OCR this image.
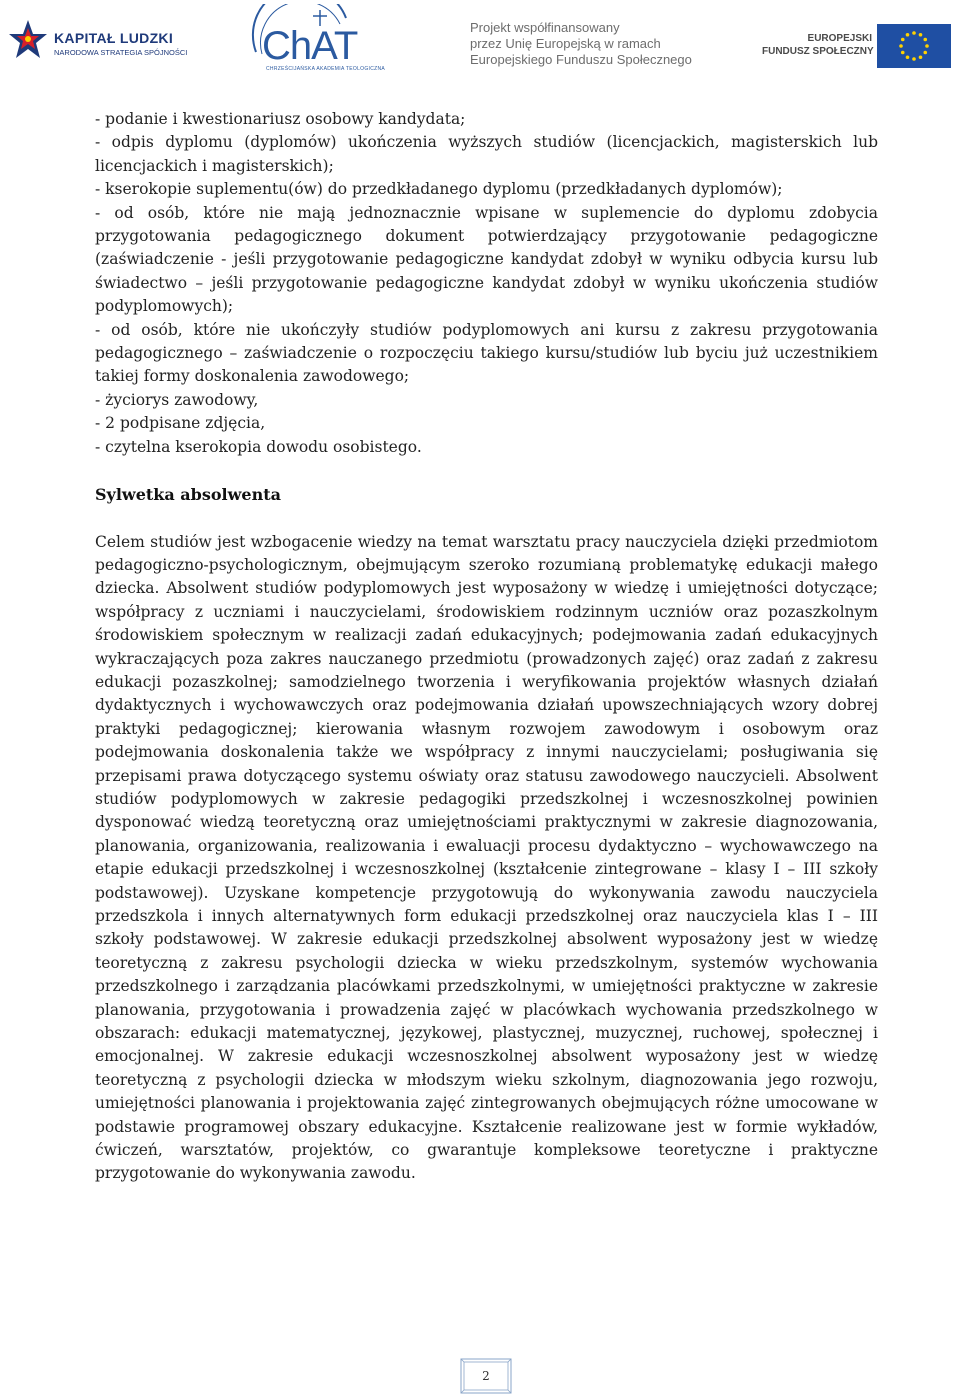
KAPITAŁ LUDZKI
NARODOWA STRATEGIA SPÓJNOŚCI ChAT
CHRZEŚCIJAŃSKA AKADEMIA TEOLOGICZNA
Projekt współfinansowany
przez Unię Europejską w ramach
Europejskiego Funduszu Społecznego
EUROPEJSKI
FUNDUSZ SPOŁECZNY

- podanie i kwestionariusz osobowy kandydata;

- odpis dyplomu (dyplomów) ukończenia wyższych studiów (licencjackich, magisterskich lub licencjackich i magisterskich);

- kserokopie suplementu(ów) do przedkładanego dyplomu (przedkładanych dyplomów);

- od osób, które nie mają jednoznacznie wpisane w suplemencie do dyplomu zdobycia przygotowania pedagogicznego dokument potwierdzający przygotowanie pedagogiczne (zaświadczenie - jeśli przygotowanie pedagogiczne kandydat zdobył w wyniku odbycia kursu lub świadectwo – jeśli przygotowanie pedagogiczne kandydat zdobył w wyniku ukończenia studiów podyplomowych);

- od osób, które nie ukończyły studiów podyplomowych ani kursu z zakresu przygotowania pedagogicznego – zaświadczenie o rozpoczęciu takiego kursu/studiów lub byciu już uczestnikiem takiej formy doskonalenia zawodowego;

- życiorys zawodowy,

- 2 podpisane zdjęcia,

- czytelna kserokopia dowodu osobistego.

Sylwetka absolwenta

Celem studiów jest wzbogacenie wiedzy na temat warsztatu pracy nauczyciela dzięki przedmiotom pedagogiczno-psychologicznym, obejmującym szeroko rozumianą problematykę edukacji małego dziecka. Absolwent studiów podyplomowych jest wyposażony w wiedzę i umiejętności dotyczące; współpracy z uczniami i nauczycielami, środowiskiem rodzinnym uczniów oraz pozaszkolnym środowiskiem społecznym w realizacji zadań edukacyjnych; podejmowania zadań edukacyjnych wykraczających poza zakres nauczanego przedmiotu (prowadzonych zajęć) oraz zadań z zakresu edukacji pozaszkolnej; samodzielnego tworzenia i weryfikowania projektów własnych działań dydaktycznych i wychowawczych oraz podejmowania działań upowszechniających wzory dobrej praktyki pedagogicznej; kierowania własnym rozwojem zawodowym i osobowym oraz podejmowania doskonalenia także we współpracy z innymi nauczycielami; posługiwania się przepisami prawa dotyczącego systemu oświaty oraz statusu zawodowego nauczycieli. Absolwent studiów podyplomowych w zakresie pedagogiki przedszkolnej i wczesnoszkolnej powinien dysponować wiedzą teoretyczną oraz umiejętnościami praktycznymi w zakresie diagnozowania, planowania, organizowania, realizowania i ewaluacji procesu dydaktyczno – wychowawczego na etapie edukacji przedszkolnej i wczesnoszkolnej (kształcenie zintegrowane – klasy I – III szkoły podstawowej). Uzyskane kompetencje przygotowują do wykonywania zawodu nauczyciela przedszkola i innych alternatywnych form edukacji przedszkolnej oraz nauczyciela klas I – III szkoły podstawowej. W zakresie edukacji przedszkolnej absolwent wyposażony jest w wiedzę teoretyczną z zakresu psychologii dziecka w wieku przedszkolnym, systemów wychowania przedszkolnego i zarządzania placówkami przedszkolnymi, w umiejętności praktyczne w zakresie planowania, przygotowania i prowadzenia zajęć w placówkach wychowania przedszkolnego w obszarach: edukacji matematycznej, językowej, plastycznej, muzycznej, ruchowej, społecznej i emocjonalnej. W zakresie edukacji wczesnoszkolnej absolwent wyposażony jest w wiedzę teoretyczną z psychologii dziecka w młodszym wieku szkolnym, diagnozowania jego rozwoju, umiejętności planowania i projektowania zajęć zintegrowanych obejmujących różne umocowane w podstawie programowej obszary edukacyjne. Kształcenie realizowane jest w formie wykładów, ćwiczeń, warsztatów, projektów, co gwarantuje kompleksowe teoretyczne i praktyczne przygotowanie do wykonywania zawodu.

2
